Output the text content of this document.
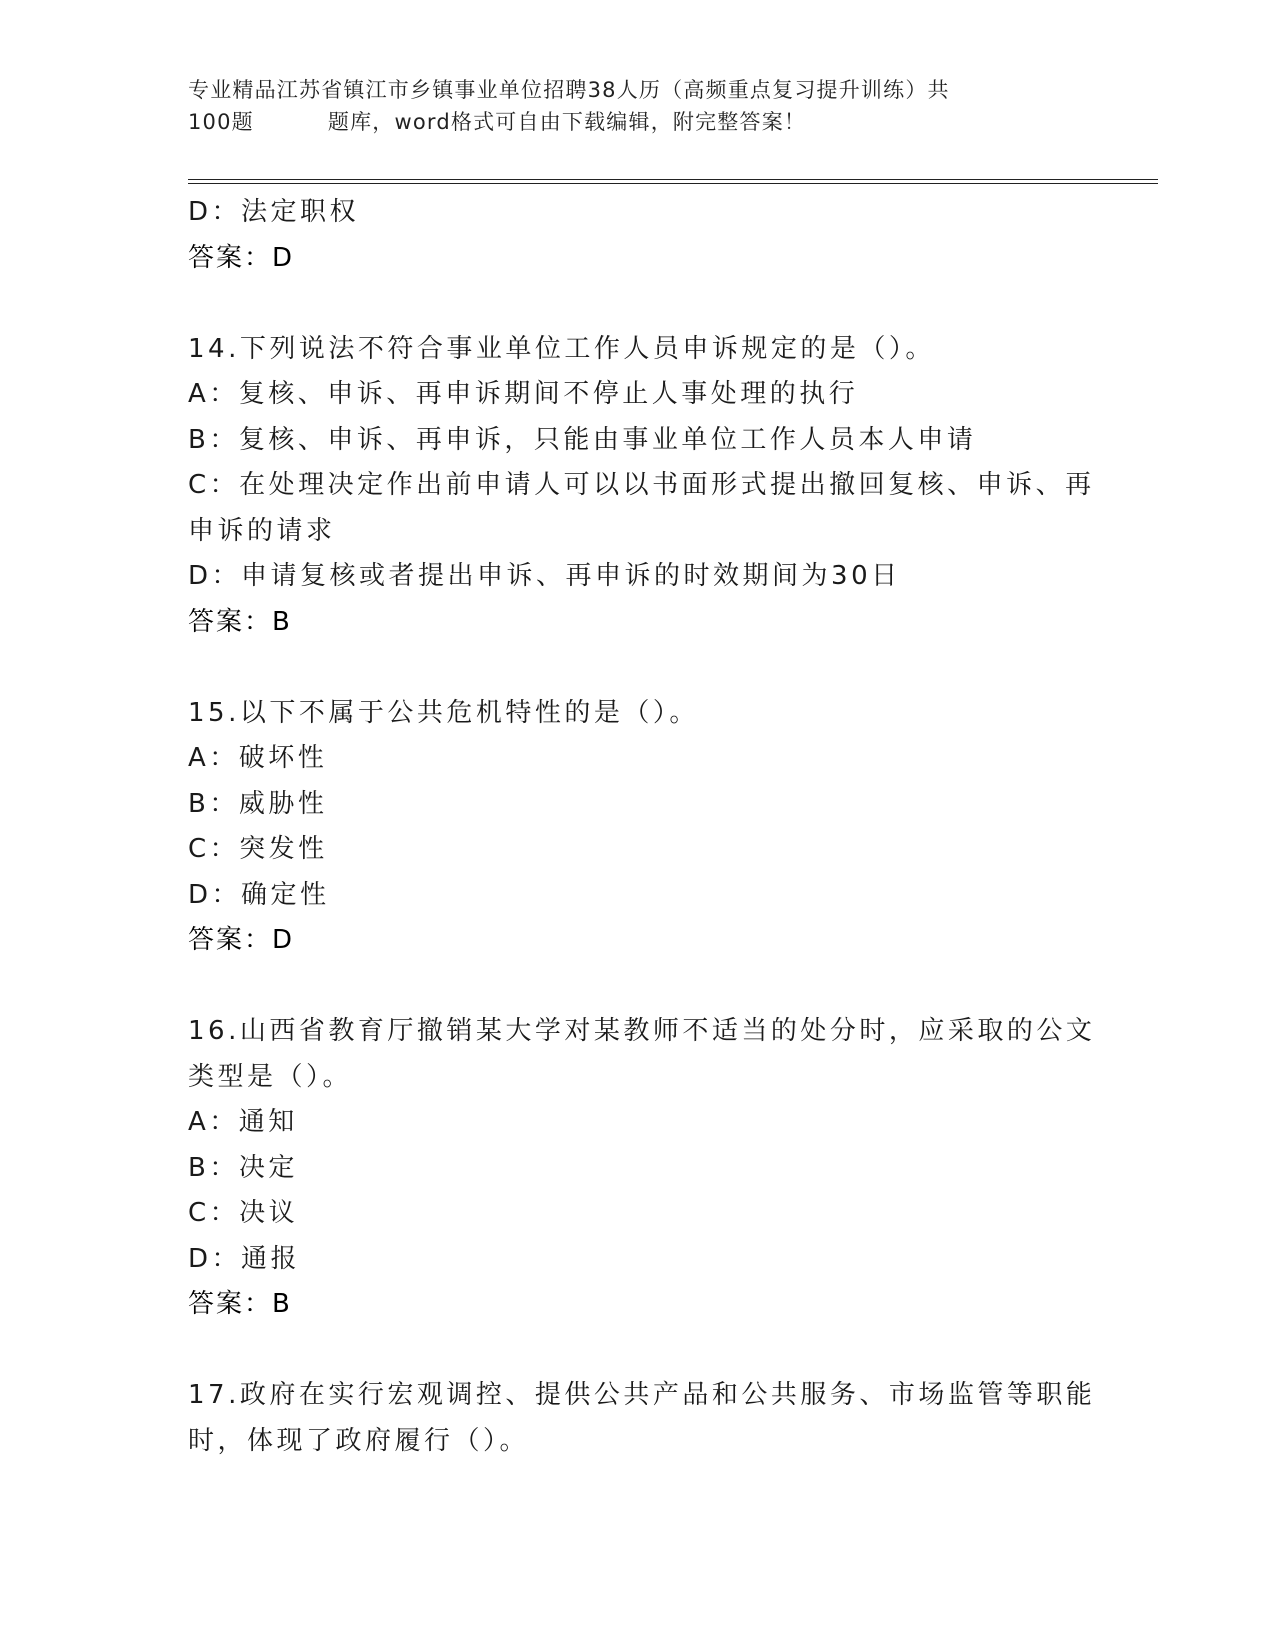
专业精品江苏省镇江市乡镇事业单位招聘38人历（高频重点复习提升训练）共
100题	题库，word格式可自由下载编辑，附完整答案！
D：法定职权
答案：D
14.下列说法不符合事业单位工作人员申诉规定的是（）。
A：复核、申诉、再申诉期间不停止人事处理的执行
B：复核、申诉、再申诉，只能由事业单位工作人员本人申请
C：在处理决定作出前申请人可以以书面形式提出撤回复核、申诉、再
申诉的请求
D：申请复核或者提出申诉、再申诉的时效期间为30日
答案：B
15.以下不属于公共危机特性的是（）。
A：破坏性
B：威胁性
C：突发性
D：确定性
答案：D
16.山西省教育厅撤销某大学对某教师不适当的处分时，应采取的公文
类型是（）。
A：通知
B：决定
C：决议
D：通报
答案：B
17.政府在实行宏观调控、提供公共产品和公共服务、市场监管等职能
时，体现了政府履行（）。
